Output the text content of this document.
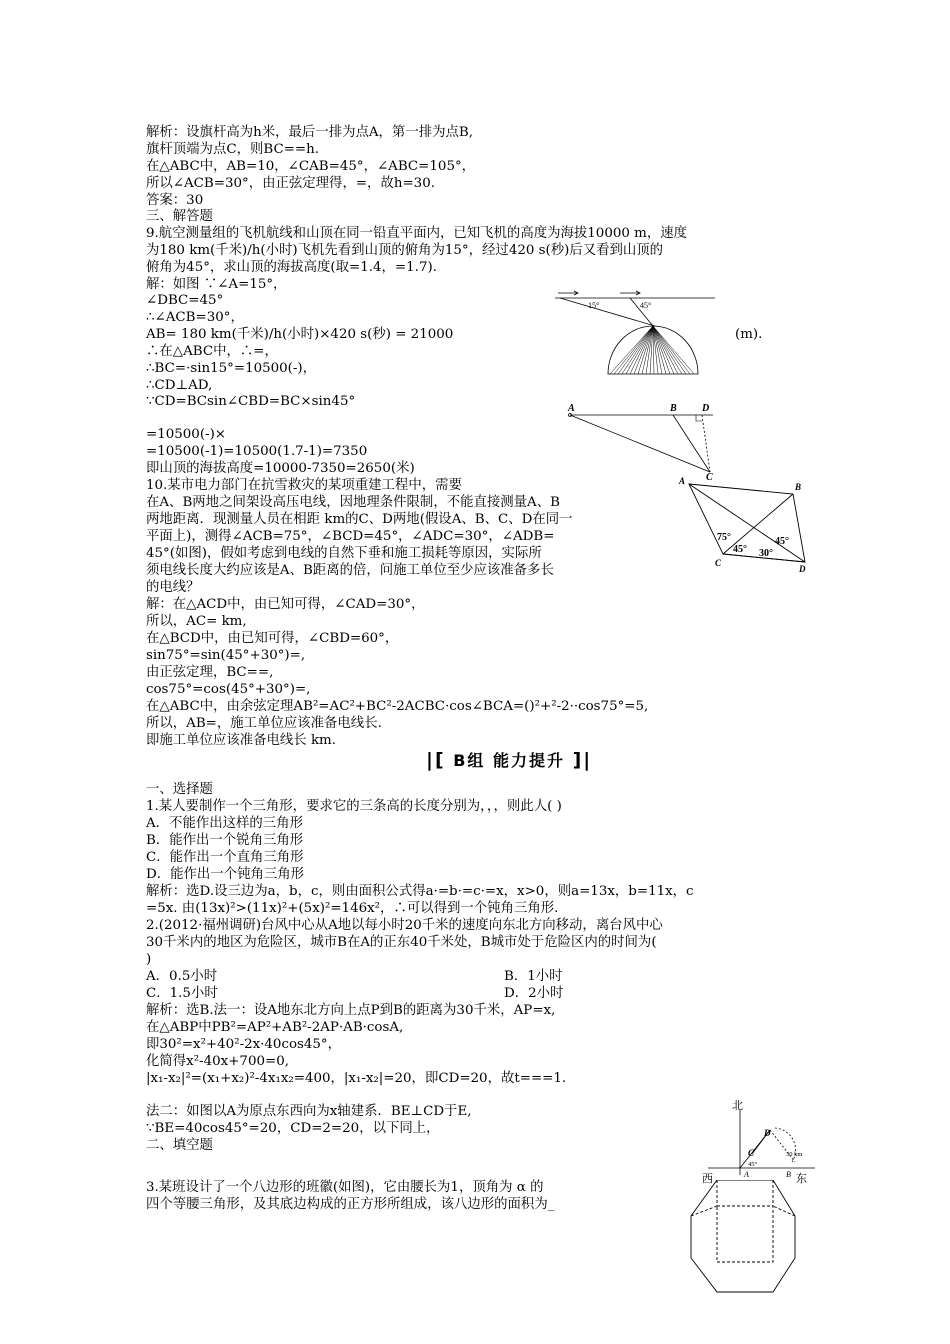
解析：设旗杆高为h米，最后一排为点A，第一排为点B,
旗杆顶端为点C，则BC==h.
在△ABC中，AB=10，∠CAB=45°，∠ABC=105°，
所以∠ACB=30°，由正弦定理得，=，故h=30.
答案：30
三、解答题
9.航空测量组的飞机航线和山顶在同一铅直平面内，已知飞机的高度为海拔10000 m，速度
为180 km(千米)/h(小时)飞机先看到山顶的俯角为15°，经过420 s(秒)后又看到山顶的
俯角为45°，求山顶的海拔高度(取=1.4，=1.7).
解：如图 ∵∠A=15°，
∠DBC=45°
∴∠ACB=30°，
AB= 180 km(千米)/h(小时)×420 s(秒) = 21000	(m).
∴在△ABC中，∴=，
∴BC=·sin15°=10500(-)，
∴CD⊥AD,
∵CD=BCsin∠CBD=BC×sin45°
=10500(-)×
=10500(-1)=10500(1.7-1)=7350
即山顶的海拔高度=10000-7350=2650(米)
10.某市电力部门在抗雪救灾的某项重建工程中，需要
在A、B两地之间架设高压电线，因地理条件限制，不能直接测量A、B
两地距离．现测量人员在相距 km的C、D两地(假设A、B、C、D在同一
平面上)，测得∠ACB=75°，∠BCD=45°，∠ADC=30°，∠ADB=
45°(如图)，假如考虑到电线的自然下垂和施工损耗等原因，实际所
须电线长度大约应该是A、B距离的倍，问施工单位至少应该准备多长
的电线？
解：在△ACD中，由已知可得，∠CAD=30°，
所以，AC= km,
在△BCD中，由已知可得，∠CBD=60°，
sin75°=sin(45°+30°)=,
由正弦定理，BC==,
cos75°=cos(45°+30°)=,
在△ABC中，由余弦定理AB²=AC²+BC²-2ACBC·cos∠BCA=()²+²-2··cos75°=5,
所以，AB=，施工单位应该准备电线长.
即施工单位应该准备电线长 km.
|[ B组 能力提升 ]|
一、选择题
1.某人要制作一个三角形，要求它的三条高的长度分别为，，，则此人( )
A．不能作出这样的三角形
B．能作出一个锐角三角形
C．能作出一个直角三角形
D．能作出一个钝角三角形
解析：选D.设三边为a，b，c，则由面积公式得a·=b·=c·=x，x>0，则a=13x，b=11x，c
=5x. 由(13x)²>(11x)²+(5x)²=146x²，∴可以得到一个钝角三角形.
2.(2012·福州调研)台风中心从A地以每小时20千米的速度向东北方向移动，离台风中心
30千米内的地区为危险区，城市B在A的正东40千米处，B城市处于危险区内的时间为(
)
A．0.5小时	B．1小时
C．1.5小时	D．2小时
解析：选B.法一：设A地东北方向上点P到B的距离为30千米，AP=x,
在△ABP中PB²=AP²+AB²-2AP·AB·cosA,
即30²=x²+40²-2x·40cos45°，
化简得x²-40x+700=0,
|x₁-x₂|²=(x₁+x₂)²-4x₁x₂=400，|x₁-x₂|=20，即CD=20，故t===1.
法二：如图以A为原点东西向为x轴建系．BE⊥CD于E,
∵BE=40cos45°=20，CD=2=20，以下同上，
二、填空题
3.某班设计了一个八边形的班徽(如图)，它由腰长为1，顶角为 α 的
四个等腰三角形，及其底边构成的正方形所组成，该八边形的面积为_
15°	45°
A	B	D
C
A
B
C
D
75°
45° 30°
45°
北
西	东
A	B
C
D
30 km
45°
